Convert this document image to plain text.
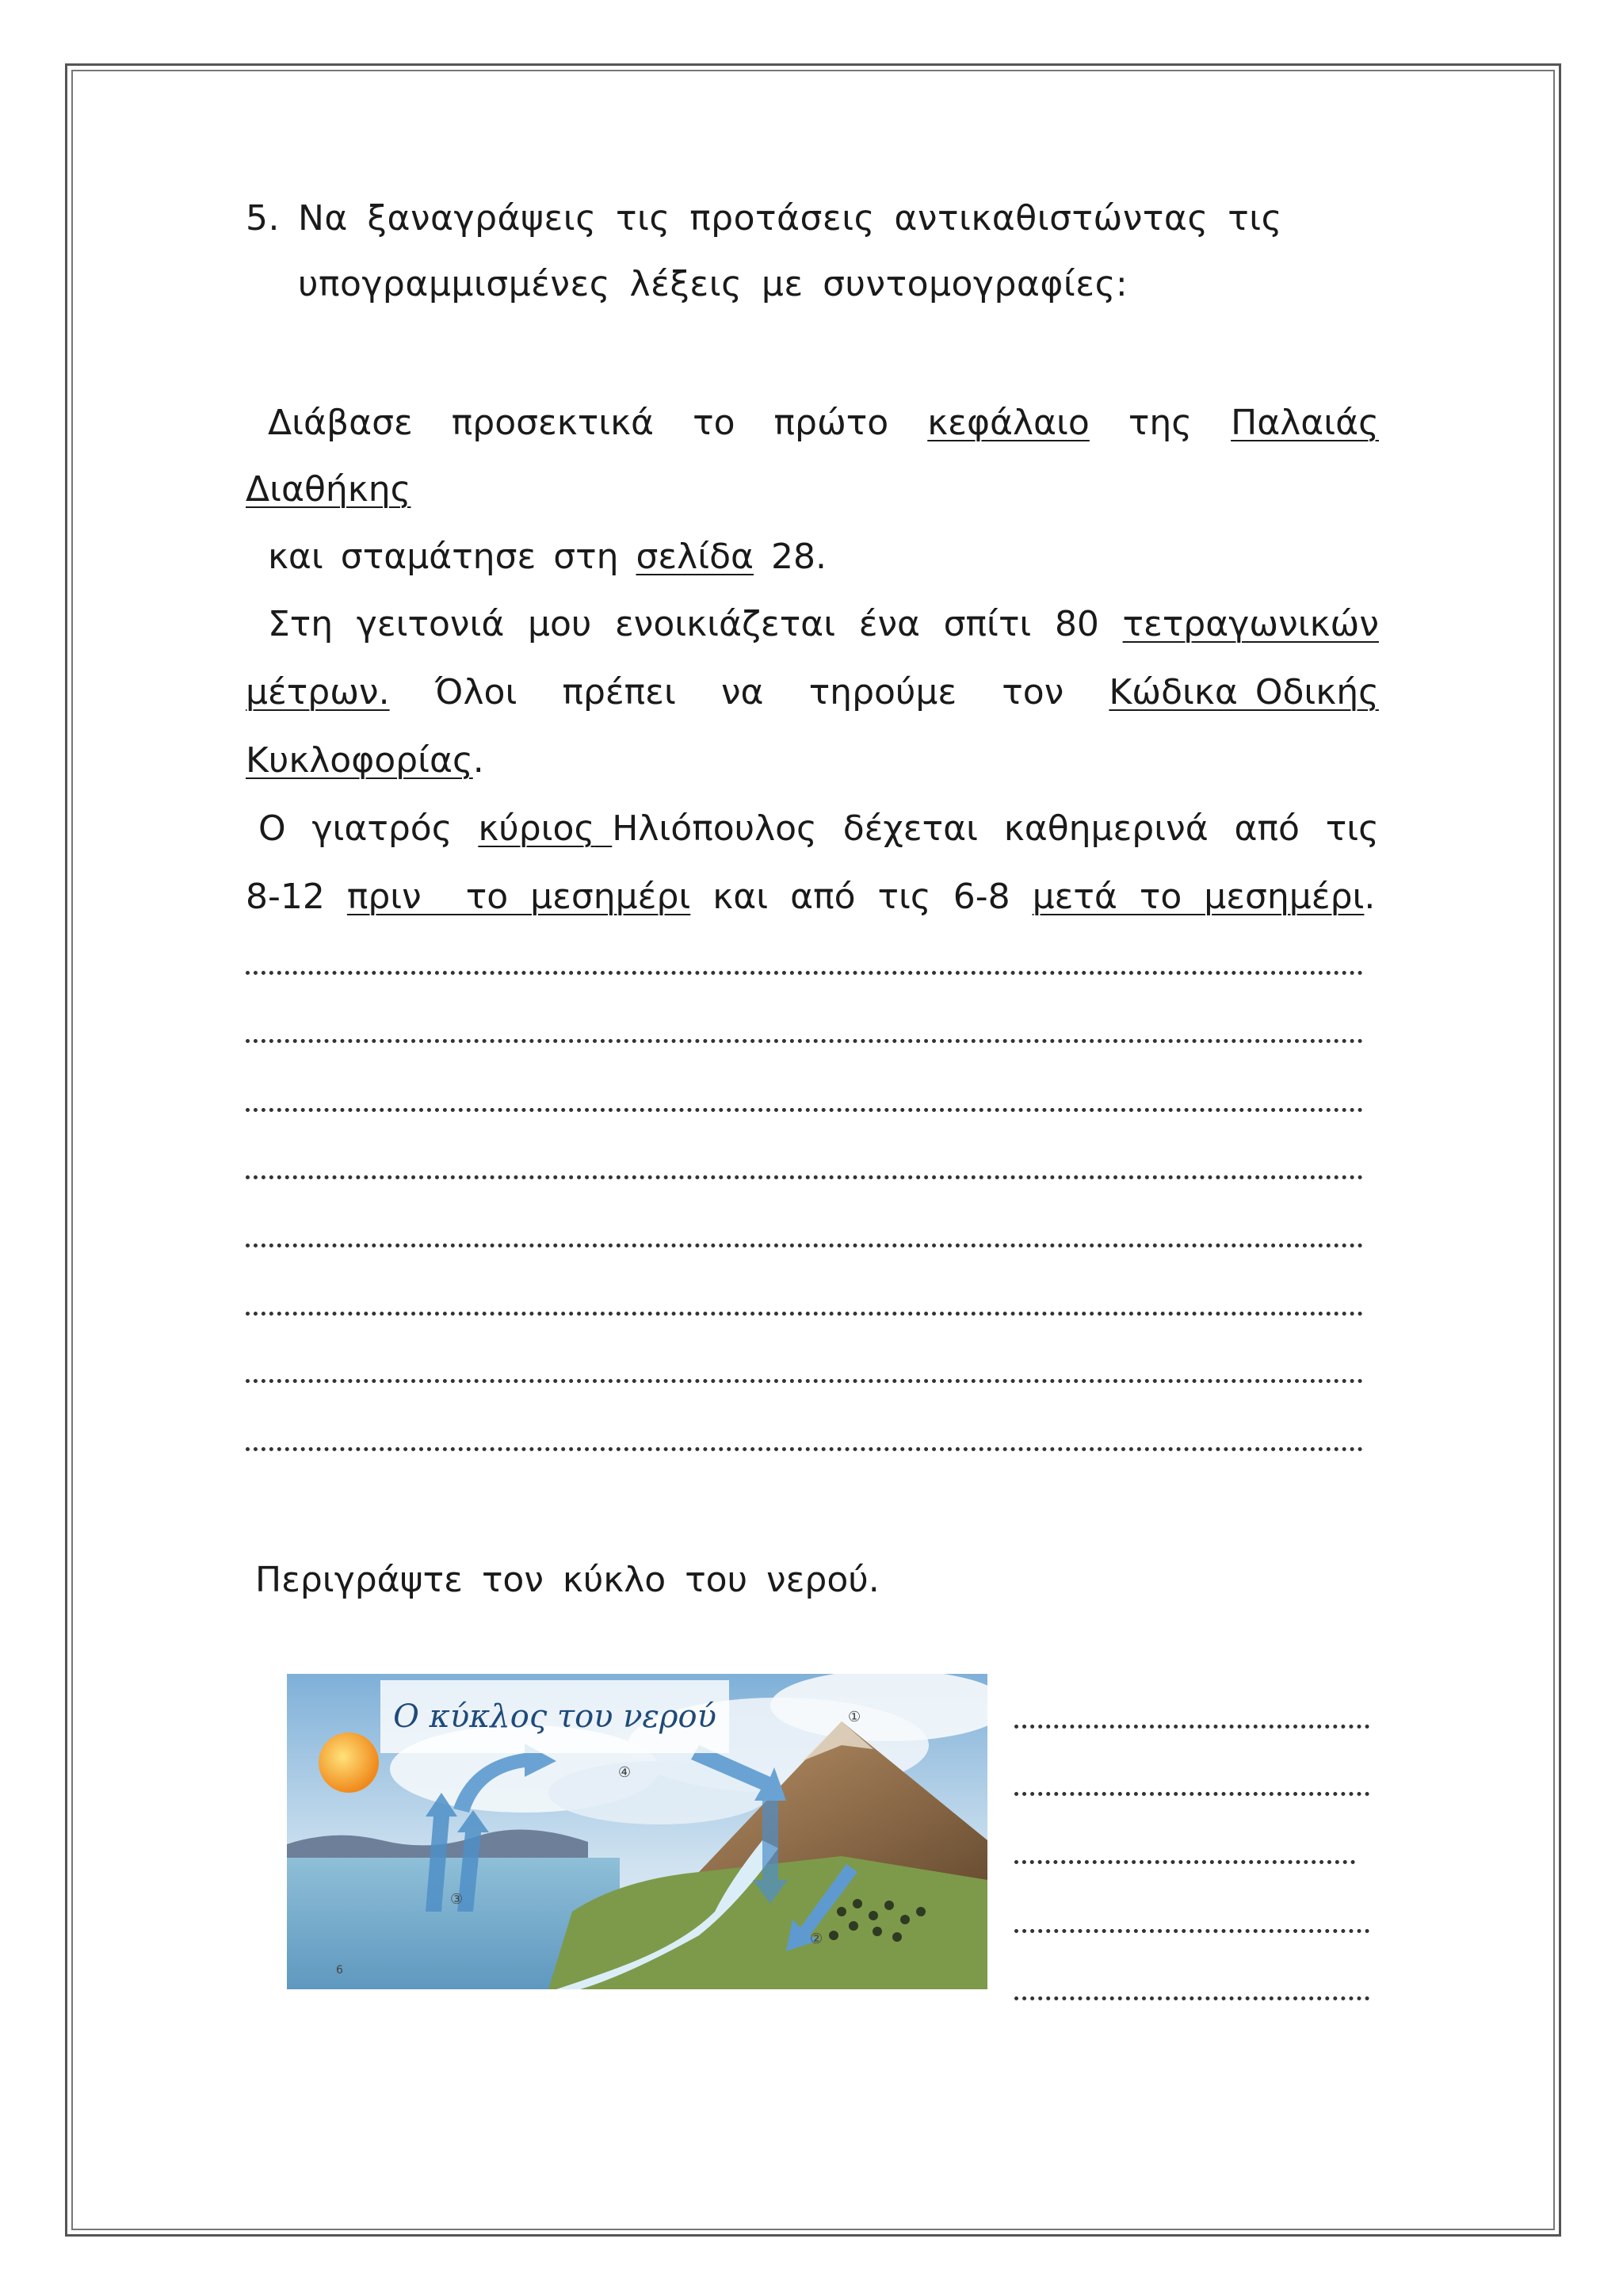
5. Να ξαναγράψεις τις προτάσεις αντικαθιστώντας τις
υπογραμμισμένες λέξεις με συντομογραφίες:
Διάβασε προσεκτικά το πρώτο κεφάλαιο της Παλαιάς
Διαθήκης
και σταμάτησε στη σελίδα 28.
Στη γειτονιά μου ενοικιάζεται ένα σπίτι 80 τετραγωνικών
μέτρων. Όλοι πρέπει να τηρούμε τον Κώδικα Οδικής
Κυκλοφορίας.
Ο γιατρός κύριος Ηλιόπουλος δέχεται καθημερινά από τις
8-12 πριν  το μεσημέρι και από τις 6-8 μετά το μεσημέρι.
Περιγράψτε τον κύκλο του νερού.
①
②
③
④
6
Ο κύκλος του νερού
